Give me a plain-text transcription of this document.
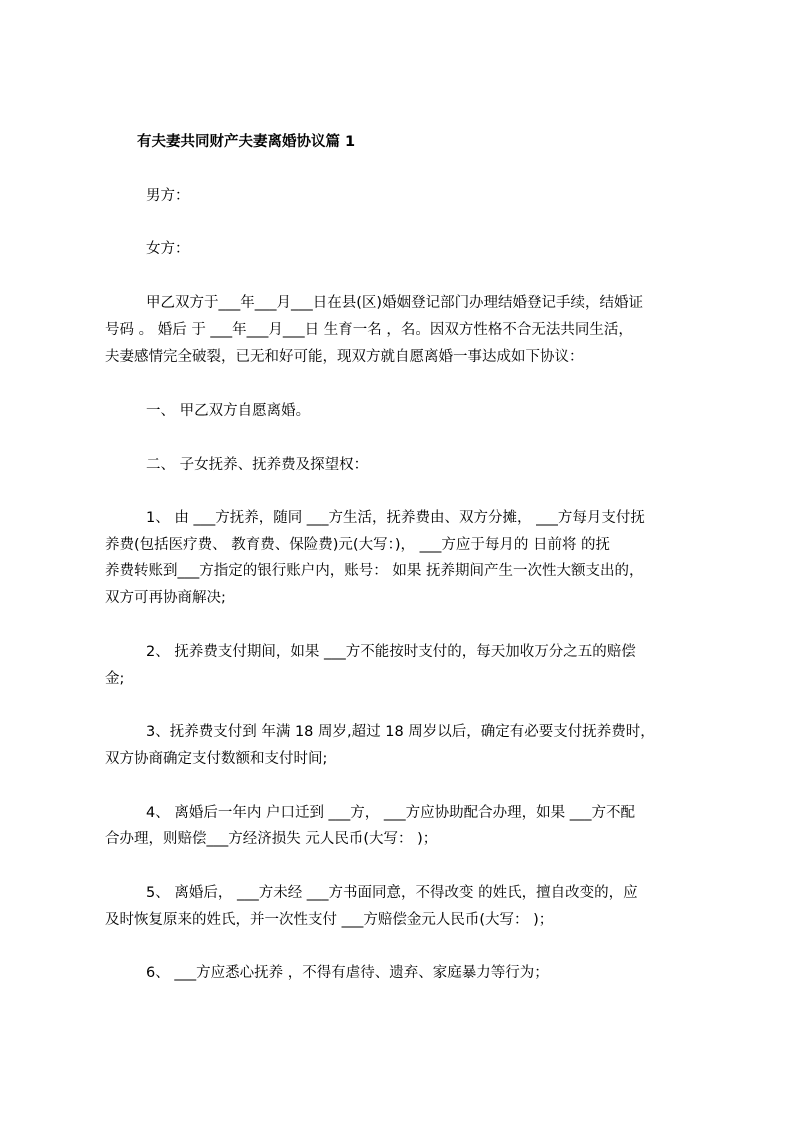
有夫妻共同财产夫妻离婚协议篇 1
男方：
女方：
甲乙双方于___年___月___日在县(区)婚姻登记部门办理结婚登记手续，结婚证
号码 。 婚后 于 ___年___月___日 生育一名 ，名。因双方性格不合无法共同生活，
夫妻感情完全破裂，已无和好可能，现双方就自愿离婚一事达成如下协议：
一、 甲乙双方自愿离婚。
二、 子女抚养、抚养费及探望权：
1、 由 ___方抚养，随同 ___方生活，抚养费由、双方分摊， ___方每月支付抚
养费(包括医疗费、 教育费、保险费)元(大写：)， ___方应于每月的 日前将 的抚
养费转账到___方指定的银行账户内，账号： 如果 抚养期间产生一次性大额支出的，
双方可再协商解决;
2、 抚养费支付期间，如果 ___方不能按时支付的，每天加收万分之五的赔偿
金;
3、抚养费支付到 年满 18 周岁,超过 18 周岁以后，确定有必要支付抚养费时，
双方协商确定支付数额和支付时间;
4、 离婚后一年内 户口迁到 ___方， ___方应协助配合办理，如果 ___方不配
合办理，则赔偿___方经济损失 元人民币(大写： )；
5、 离婚后， ___方未经 ___方书面同意，不得改变 的姓氏，擅自改变的，应
及时恢复原来的姓氏，并一次性支付 ___方赔偿金元人民币(大写： )；
6、 ___方应悉心抚养 ，不得有虐待、遗弃、家庭暴力等行为；
